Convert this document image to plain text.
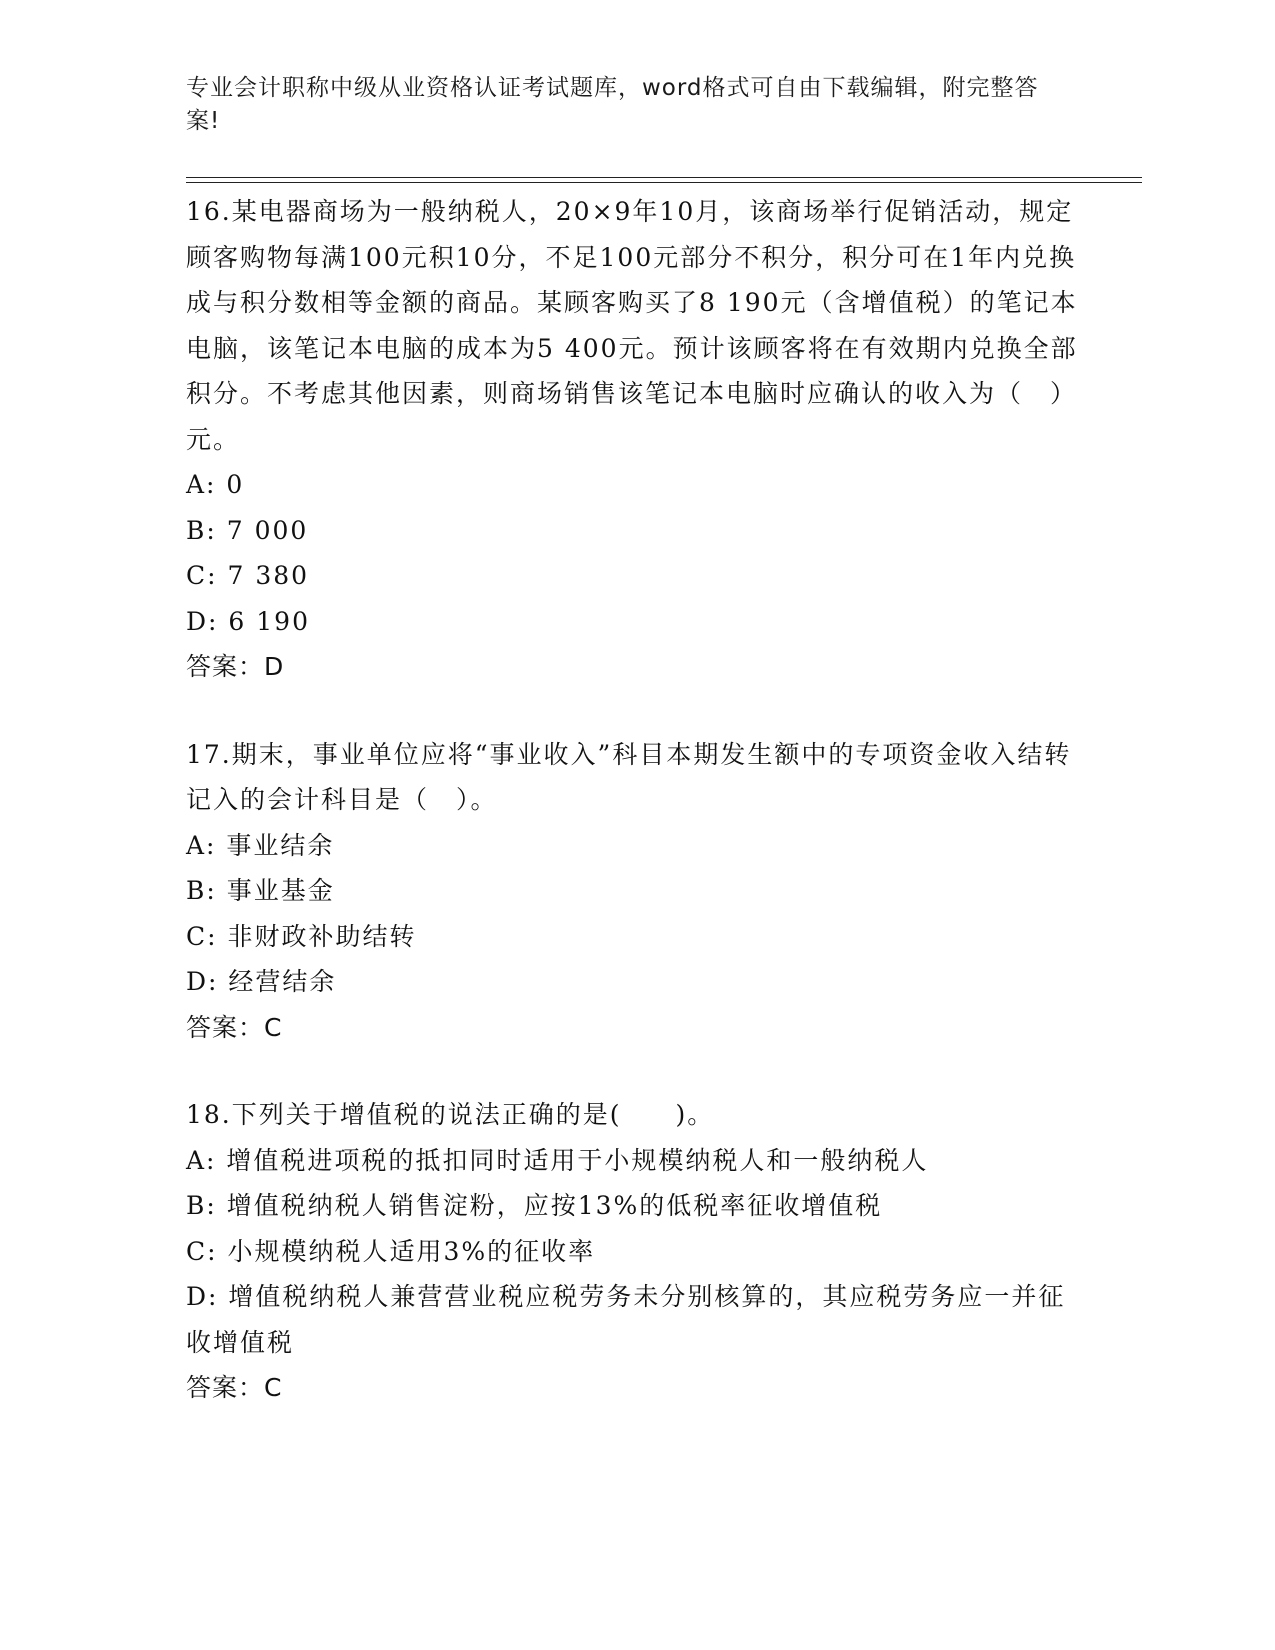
专业会计职称中级从业资格认证考试题库，word格式可自由下载编辑，附完整答案!

16.某电器商场为一般纳税人，20×9年10月，该商场举行促销活动，规定顾客购物每满100元积10分，不足100元部分不积分，积分可在1年内兑换成与积分数相等金额的商品。某顾客购买了8 190元（含增值税）的笔记本电脑，该笔记本电脑的成本为5 400元。预计该顾客将在有效期内兑换全部积分。不考虑其他因素，则商场销售该笔记本电脑时应确认的收入为（　）元。

A: 0

B: 7 000

C: 7 380

D: 6 190

答案：D

17.期末，事业单位应将“事业收入”科目本期发生额中的专项资金收入结转记入的会计科目是（　）。

A: 事业结余

B: 事业基金

C: 非财政补助结转

D: 经营结余

答案：C

18.下列关于增值税的说法正确的是(　　)。

A: 增值税进项税的抵扣同时适用于小规模纳税人和一般纳税人

B: 增值税纳税人销售淀粉，应按13%的低税率征收增值税

C: 小规模纳税人适用3%的征收率

D: 增值税纳税人兼营营业税应税劳务未分别核算的，其应税劳务应一并征收增值税

答案：C
